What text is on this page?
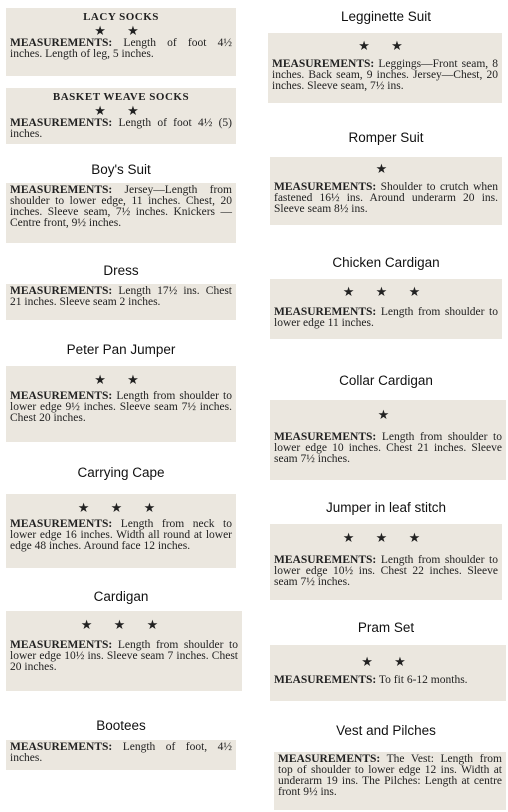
LACY SOCKS
★ ★

MEASUREMENTS: Length of foot 4½ inches. Length of leg, 5 inches.

BASKET WEAVE SOCKS
★ ★

MEASUREMENTS: Length of foot 4½ (5) inches.

Boy's Suit

MEASUREMENTS: Jersey—Length from shoulder to lower edge, 11 inches. Chest, 20 inches. Sleeve seam, 7½ inches. Knickers —Centre front, 9½ inches.

Dress

MEASUREMENTS: Length 17½ ins. Chest 21 inches. Sleeve seam 2 inches.

Peter Pan Jumper
★ ★

MEASUREMENTS: Length from shoulder to lower edge 9½ inches. Sleeve seam 7½ inches. Chest 20 inches.

Carrying Cape
★ ★ ★

MEASUREMENTS: Length from neck to lower edge 16 inches. Width all round at lower edge 48 inches. Around face 12 inches.

Cardigan
★ ★ ★

MEASUREMENTS: Length from shoulder to lower edge 10½ ins. Sleeve seam 7 inches. Chest 20 inches.

Bootees

MEASUREMENTS: Length of foot, 4½ inches.

Legginette Suit
★ ★

MEASUREMENTS: Leggings—Front seam, 8 inches. Back seam, 9 inches. Jersey—Chest, 20 inches. Sleeve seam, 7½ ins.

Romper Suit
★

MEASUREMENTS: Shoulder to crutch when fastened 16½ ins. Around underarm 20 ins. Sleeve seam 8½ ins.

Chicken Cardigan
★ ★ ★

MEASUREMENTS: Length from shoulder to lower edge 11 inches.

Collar Cardigan
★

MEASUREMENTS: Length from shoulder to lower edge 10 inches. Chest 21 inches. Sleeve seam 7½ inches.

Jumper in leaf stitch
★ ★ ★

MEASUREMENTS: Length from shoulder to lower edge 10½ ins. Chest 22 inches. Sleeve seam 7½ inches.

Pram Set
★ ★

MEASUREMENTS: To fit 6-12 months.

Vest and Pilches

MEASUREMENTS: The Vest: Length from top of shoulder to lower edge 12 ins. Width at underarm 19 ins. The Pilches: Length at centre front 9½ ins.
